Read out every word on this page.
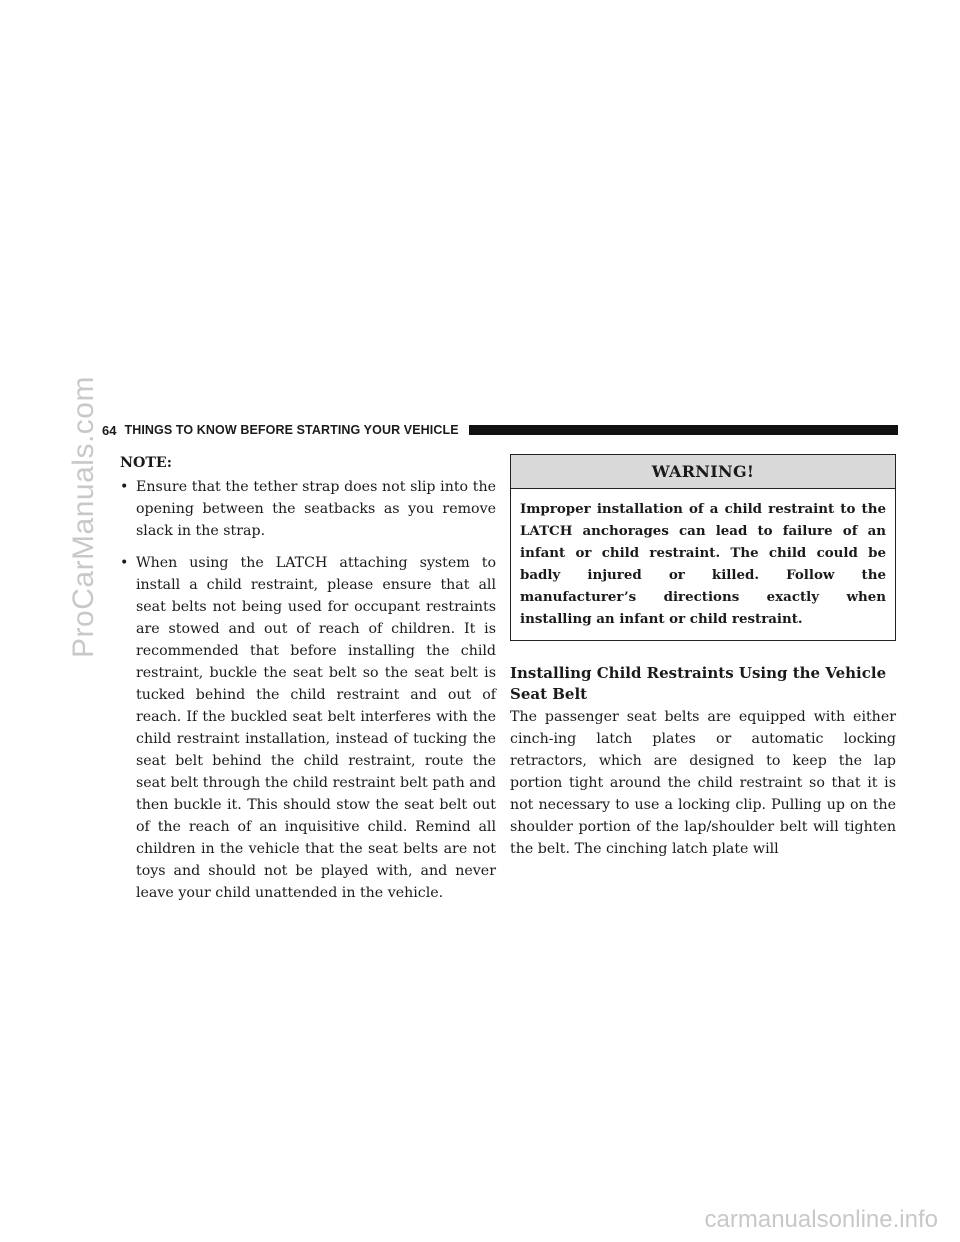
ProCarManuals.com
carmanualsonline.info
64 THINGS TO KNOW BEFORE STARTING YOUR VEHICLE
NOTE:
• Ensure that the tether strap does not slip into the opening between the seatbacks as you remove slack in the strap.
• When using the LATCH attaching system to install a child restraint, please ensure that all seat belts not being used for occupant restraints are stowed and out of reach of children. It is recommended that before installing the child restraint, buckle the seat belt so the seat belt is tucked behind the child restraint and out of reach. If the buckled seat belt interferes with the child restraint installation, instead of tucking the seat belt behind the child restraint, route the seat belt through the child restraint belt path and then buckle it. This should stow the seat belt out of the reach of an inquisitive child. Remind all children in the vehicle that the seat belts are not toys and should not be played with, and never leave your child unattended in the vehicle.
WARNING!
Improper installation of a child restraint to the LATCH anchorages can lead to failure of an infant or child restraint. The child could be badly injured or killed. Follow the manufacturer’s directions exactly when installing an infant or child restraint.
Installing Child Restraints Using the Vehicle Seat Belt
The passenger seat belts are equipped with either cinch-ing latch plates or automatic locking retractors, which are designed to keep the lap portion tight around the child restraint so that it is not necessary to use a locking clip. Pulling up on the shoulder portion of the lap/shoulder belt will tighten the belt. The cinching latch plate will
